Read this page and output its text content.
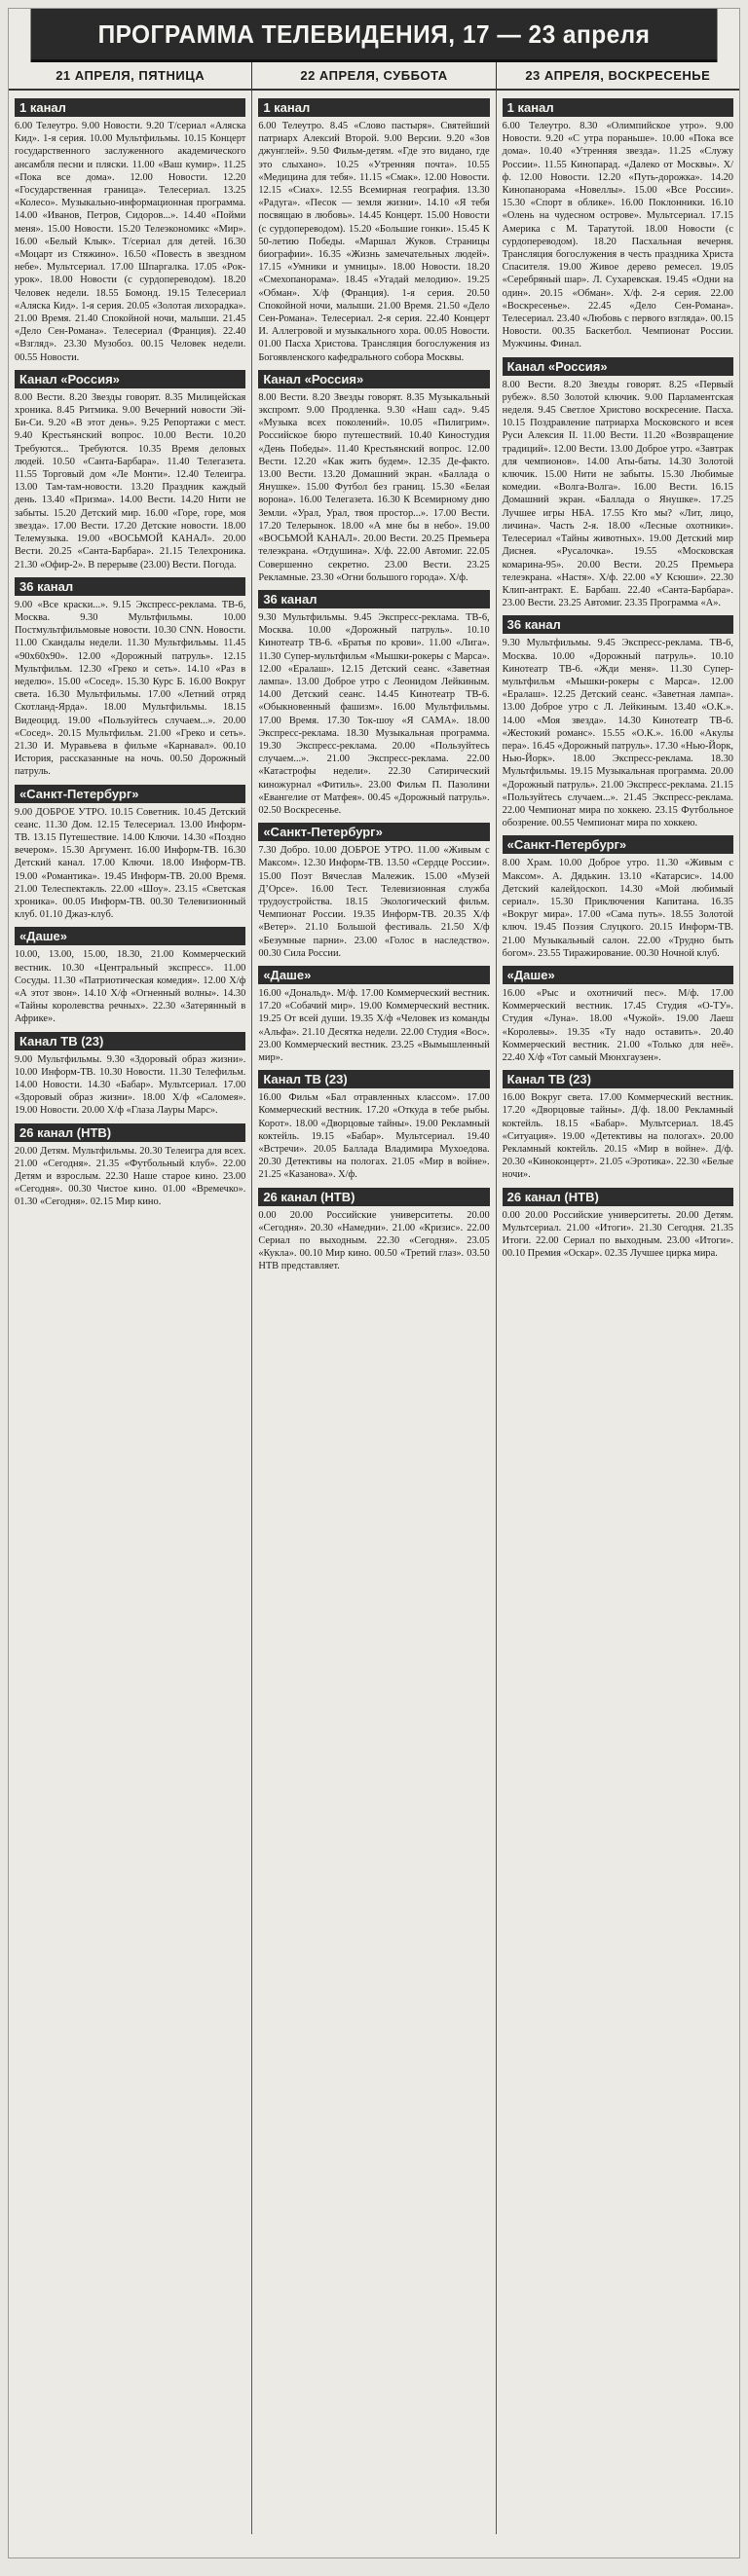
ПРОГРАММА ТЕЛЕВИДЕНИЯ, 17 — 23 апреля
21 АПРЕЛЯ, ПЯТНИЦА	22 АПРЕЛЯ, СУББОТА	23 АПРЕЛЯ, ВОСКРЕСЕНЬЕ
1 канал
6.00 Телеутро. 9.00 Новости. 9.20 Т/сериал «Аляска Кид». 1-я серия. 10.00 Мультфильмы. 10.15 Концерт государственного заслуженного академического ансамбля песни и пляски. 11.00 «Ваш кумир». 11.25 «Пока все дома». 12.00 Новости. 12.20 «Государственная граница». Телесериал. 13.25 «Колесо». Музыкально-информационная программа. 14.00 «Иванов, Петров, Сидоров...». 14.40 «Пойми меня». 15.00 Новости. 15.20 Телеэкономикс «Мир». 16.00 «Белый Клык». Т/сериал для детей. 16.30 «Моцарт из Стяжино». 16.50 «Повесть в звездном небе». Мультсериал. 17.00 Шпаргалка. 17.05 «Рок-урок». 18.00 Новости (с сурдопереводом). 18.20 Человек недели. 18.55 Бомонд. 19.15 Телесериал «Аляска Кид». 1-я серия. 20.05 «Золотая лихорадка». 21.00 Время. 21.40 Спокойной ночи, малыши. 21.45 «Дело Сен-Романа». Телесериал (Франция). 22.40 «Взгляд». 23.30 Музобоз. 00.15 Человек недели. 00.55 Новости.
Канал «Россия»
8.00 Вести. 8.20 Звезды говорят. 8.35 Милицейская хроника. 8.45 Ритмика. 9.00 Вечерний новости Эй-Би-Си. 9.20 «В этот день». 9.25 Репортажи с мест. 9.40 Крестьянский вопрос. 10.00 Вести. 10.20 Требуются... Требуются. 10.35 Время деловых людей. 10.50 «Санта-Барбара». 11.40 Телегазета. 11.55 Торговый дом «Ле Монти». 12.40 Телеигра. 13.00 Там-там-новости. 13.20 Праздник каждый день. 13.40 «Призма». 14.00 Вести. 14.20 Нити не забыты. 15.20 Детский мир. 16.00 «Горе, горе, моя звезда». 17.00 Вести. 17.20 Детские новости. 18.00 Телемузыка. 19.00 «ВОСЬМОЙ КАНАЛ». 20.00 Вести. 20.25 «Санта-Барбара». 21.15 Телехроника. 21.30 «Офир-2». В перерыве (23.00) Вести. Погода.
36 канал
9.00 «Все краски...». 9.15 Экспресс-реклама. ТВ-6, Москва. 9.30 Мультфильмы. 10.00 Постмультфильмовые новости. 10.30 CNN. Новости. 11.00 Скандалы недели. 11.30 Мультфильмы. 11.45 «90х60х90». 12.00 «Дорожный патруль». 12.15 Мультфильм. 12.30 «Греко и сеть». 14.10 «Раз в неделю». 15.00 «Сосед». 15.30 Курс Б. 16.00 Вокруг света. 16.30 Мультфильмы. 17.00 «Летний отряд Скотланд-Ярда». 18.00 Мультфильмы. 18.15 Видеоцид. 19.00 «Пользуйтесь случаем...». 20.00 «Сосед». 20.15 Мультфильм. 21.00 «Греко и сеть». 21.30 И. Муравьева в фильме «Карнавал». 00.10 История, рассказанные на ночь. 00.50 Дорожный патруль.
«Санкт-Петербург»
9.00 ДОБРОЕ УТРО. 10.15 Советник. 10.45 Детский сеанс. 11.30 Дом. 12.15 Телесериал. 13.00 Информ-ТВ. 13.15 Путешествие. 14.00 Ключи. 14.30 «Поздно вечером». 15.30 Аргумент. 16.00 Информ-ТВ. 16.30 Детский канал. 17.00 Ключи. 18.00 Информ-ТВ. 19.00 «Романтика». 19.45 Информ-ТВ. 20.00 Время. 21.00 Телеспектакль. 22.00 «Шоу». 23.15 «Светская хроника». 00.05 Информ-ТВ. 00.30 Телевизионный клуб. 01.10 Джаз-клуб.
«Даше»
10.00, 13.00, 15.00, 18.30, 21.00 Коммерческий вестник. 10.30 «Центральный экспресс». 11.00 Сосуды. 11.30 «Патриотическая комедия». 12.00 Х/ф «А этот звон». 14.10 Х/ф «Огненный волны». 14.30 «Тайны королевства речных». 22.30 «Затерянный в Африке».
Канал ТВ (23)
9.00 Мультфильмы. 9.30 «Здоровый образ жизни». 10.00 Информ-ТВ. 10.30 Новости. 11.30 Телефильм. 14.00 Новости. 14.30 «Бабар». Мультсериал. 17.00 «Здоровый образ жизни». 18.00 Х/ф «Саломея». 19.00 Новости. 20.00 Х/ф «Глаза Лауры Марс».
26 канал (НТВ)
20.00 Детям. Мультфильмы. 20.30 Телеигра для всех. 21.00 «Сегодня». 21.35 «Футбольный клуб». 22.00 Детям и взрослым. 22.30 Наше старое кино. 23.00 «Сегодня». 00.30 Чистое кино. 01.00 «Времечко». 01.30 «Сегодня». 02.15 Мир кино.
1 канал
6.00 Телеутро. 8.45 «Слово пастыря». Святейший патриарх Алексий Второй. 9.00 Версии. 9.20 «Зов джунглей». 9.50 Фильм-детям. «Где это видано, где это слыхано». 10.25 «Утренняя почта». 10.55 «Медицина для тебя». 11.15 «Смак». 12.00 Новости. 12.15 «Сиах». 12.55 Всемирная география. 13.30 «Радуга». «Песок — земля жизни». 14.10 «Я тебя посвящаю в любовь». 14.45 Концерт. 15.00 Новости (с сурдопереводом). 15.20 «Большие гонки». 15.45 К 50-летию Победы. «Маршал Жуков. Страницы биографии». 16.35 «Жизнь замечательных людей». 17.15 «Умники и умницы». 18.00 Новости. 18.20 «Смехопанорама». 18.45 «Угадай мелодию». 19.25 «Обман». Х/ф (Франция). 1-я серия. 20.50 Спокойной ночи, малыши. 21.00 Время. 21.50 «Дело Сен-Романа». Телесериал. 2-я серия. 22.40 Концерт И. Аллегровой и музыкального хора. 00.05 Новости. 01.00 Пасха Христова. Трансляция богослужения из Богоявленского кафедрального собора Москвы.
Канал «Россия»
8.00 Вести. 8.20 Звезды говорят. 8.35 Музыкальный экспромт. 9.00 Продленка. 9.30 «Наш сад». 9.45 «Музыка всех поколений». 10.05 «Пилигрим». Российское бюро путешествий. 10.40 Киностудия «День Победы». 11.40 Крестьянский вопрос. 12.00 Вести. 12.20 «Как жить будем». 12.35 Де-факто. 13.00 Вести. 13.20 Домашний экран. «Баллада о Янушке». 15.00 Футбол без границ. 15.30 «Белая ворона». 16.00 Телегазета. 16.30 К Всемирному дню Земли. «Урал, Урал, твоя простор...». 17.00 Вести. 17.20 Телерынок. 18.00 «А мне бы в небо». 19.00 «ВОСЬМОЙ КАНАЛ». 20.00 Вести. 20.25 Премьера телеэкрана. «Отдушина». Х/ф. 22.00 Автомиг. 22.05 Совершенно секретно. 23.00 Вести. 23.25 Рекламные. 23.30 «Огни большого города». Х/ф.
36 канал
9.30 Мультфильмы. 9.45 Экспресс-реклама. ТВ-6, Москва. 10.00 «Дорожный патруль». 10.10 Кинотеатр ТВ-6. «Братья по крови». 11.00 «Лига». 11.30 Супер-мультфильм «Мышки-рокеры с Марса». 12.00 «Ералаш». 12.15 Детский сеанс. «Заветная лампа». 13.00 Доброе утро с Леонидом Лейкиным. 14.00 Детский сеанс. 14.45 Кинотеатр ТВ-6. «Обыкновенный фашизм». 16.00 Мультфильмы. 17.00 Время. 17.30 Ток-шоу «Я САМА». 18.00 Экспресс-реклама. 18.30 Музыкальная программа. 19.30 Экспресс-реклама. 20.00 «Пользуйтесь случаем...». 21.00 Экспресс-реклама. 22.00 «Катастрофы недели». 22.30 Сатирический киножурнал «Фитиль». 23.00 Фильм П. Пазолини «Евангелие от Матфея». 00.45 «Дорожный патруль». 02.50 Воскресенье.
«Санкт-Петербург»
7.30 Добро. 10.00 ДОБРОЕ УТРО. 11.00 «Живым с Максом». 12.30 Информ-ТВ. 13.50 «Сердце России». 15.00 Поэт Вячеслав Малежик. 15.00 «Музей Д’Орсе». 16.00 Тест. Телевизионная служба трудоустройства. 18.15 Экологический фильм. Чемпионат России. 19.35 Информ-ТВ. 20.35 Х/ф «Ветер». 21.10 Большой фестиваль. 21.50 Х/ф «Безумные парни». 23.00 «Голос в наследство». 00.30 Сила России.
«Даше»
16.00 «Дональд». М/ф. 17.00 Коммерческий вестник. 17.20 «Собачий мир». 19.00 Коммерческий вестник. 19.25 От всей души. 19.35 Х/ф «Человек из команды «Альфа». 21.10 Десятка недели. 22.00 Студия «Вос». 23.00 Коммерческий вестник. 23.25 «Вымышленный мир».
Канал ТВ (23)
16.00 Фильм «Бал отравленных классом». 17.00 Коммерческий вестник. 17.20 «Откуда в тебе рыбы. Корот». 18.00 «Дворцовые тайны». 19.00 Рекламный коктейль. 19.15 «Бабар». Мультсериал. 19.40 «Встречи». 20.05 Баллада Владимира Мухоедова. 20.30 Детективы на пологах. 21.05 «Мир в войне». 21.25 «Казанова». Х/ф.
26 канал (НТВ)
0.00 20.00 Российские университеты. 20.00 «Сегодня». 20.30 «Намедни». 21.00 «Кризис». 22.00 Сериал по выходным. 22.30 «Сегодня». 23.05 «Кукла». 00.10 Мир кино. 00.50 «Третий глаз». 03.50 НТВ представляет.
1 канал
6.00 Телеутро. 8.30 «Олимпийское утро». 9.00 Новости. 9.20 «С утра пораньше». 10.00 «Пока все дома». 10.40 «Утренняя звезда». 11.25 «Служу России». 11.55 Кинопарад. «Далеко от Москвы». Х/ф. 12.00 Новости. 12.20 «Путь-дорожка». 14.20 Кинопанорама «Новеллы». 15.00 «Все России». 15.30 «Спорт в облике». 16.00 Поклонники. 16.10 «Олень на чудесном острове». Мультсериал. 17.15 Америка с М. Таратутой. 18.00 Новости (с сурдопереводом). 18.20 Пасхальная вечерня. Трансляция богослужения в честь праздника Христа Спасителя. 19.00 Живое дерево ремесел. 19.05 «Серебряный шар». Л. Сухаревская. 19.45 «Одни на один». 20.15 «Обман». Х/ф. 2-я серия. 22.00 «Воскресенье». 22.45 «Дело Сен-Романа». Телесериал. 23.40 «Любовь с первого взгляда». 00.15 Новости. 00.35 Баскетбол. Чемпионат России. Мужчины. Финал.
Канал «Россия»
8.00 Вести. 8.20 Звезды говорят. 8.25 «Первый рубеж». 8.50 Золотой ключик. 9.00 Парламентская неделя. 9.45 Светлое Христово воскресение. Пасха. 10.15 Поздравление патриарха Московского и всея Руси Алексия II. 11.00 Вести. 11.20 «Возвращение традиций». 12.00 Вести. 13.00 Доброе утро. «Завтрак для чемпионов». 14.00 Аты-баты. 14.30 Золотой ключик. 15.00 Нити не забыты. 15.30 Любимые комедии. «Волга-Волга». 16.00 Вести. 16.15 Домашний экран. «Баллада о Янушке». 17.25 Лучшее игры НБА. 17.55 Кто мы? «Лит, лицо, личина». Часть 2-я. 18.00 «Лесные охотники». Телесериал «Тайны животных». 19.00 Детский мир Диснея. «Русалочка». 19.55 «Московская комарина-95». 20.00 Вести. 20.25 Премьера телеэкрана. «Настя». Х/ф. 22.00 «У Ксюши». 22.30 Клип-антракт. Е. Барбаш. 22.40 «Санта-Барбара». 23.00 Вести. 23.25 Автомиг. 23.35 Программа «А».
36 канал
9.30 Мультфильмы. 9.45 Экспресс-реклама. ТВ-6, Москва. 10.00 «Дорожный патруль». 10.10 Кинотеатр ТВ-6. «Жди меня». 11.30 Супер-мультфильм «Мышки-рокеры с Марса». 12.00 «Ералаш». 12.25 Детский сеанс. «Заветная лампа». 13.00 Доброе утро с Л. Лейкиным. 13.40 «О.К.». 14.00 «Моя звезда». 14.30 Кинотеатр ТВ-6. «Жестокий романс». 15.55 «О.К.». 16.00 «Акулы пера». 16.45 «Дорожный патруль». 17.30 «Нью-Йорк, Нью-Йорк». 18.00 Экспресс-реклама. 18.30 Мультфильмы. 19.15 Музыкальная программа. 20.00 «Дорожный патруль». 21.00 Экспресс-реклама. 21.15 «Пользуйтесь случаем...». 21.45 Экспресс-реклама. 22.00 Чемпионат мира по хоккею. 23.15 Футбольное обозрение. 00.55 Чемпионат мира по хоккею.
«Санкт-Петербург»
8.00 Храм. 10.00 Доброе утро. 11.30 «Живым с Максом». А. Дядькин. 13.10 «Катарсис». 14.00 Детский калейдоскоп. 14.30 «Мой любимый сериал». 15.30 Приключения Капитана. 16.35 «Вокруг мира». 17.00 «Сама путь». 18.55 Золотой ключ. 19.45 Поэзия Слуцкого. 20.15 Информ-ТВ. 21.00 Музыкальный салон. 22.00 «Трудно быть богом». 23.55 Тиражирование. 00.30 Ночной клуб.
«Даше»
16.00 «Рыс и охотничий пес». М/ф. 17.00 Коммерческий вестник. 17.45 Студия «О-ТУ». Студия «Луна». 18.00 «Чужой». 19.00 Лаеш «Королевы». 19.35 «Ту надо оставить». 20.40 Коммерческий вестник. 21.00 «Только для неё». 22.40 Х/ф «Тот самый Мюнхгаузен».
Канал ТВ (23)
16.00 Вокруг света. 17.00 Коммерческий вестник. 17.20 «Дворцовые тайны». Д/ф. 18.00 Рекламный коктейль. 18.15 «Бабар». Мультсериал. 18.45 «Ситуация». 19.00 «Детективы на пологах». 20.00 Рекламный коктейль. 20.15 «Мир в войне». Д/ф. 20.30 «Киноконцерт». 21.05 «Эротика». 22.30 «Белые ночи».
26 канал (НТВ)
0.00 20.00 Российские университеты. 20.00 Детям. Мультсериал. 21.00 «Итоги». 21.30 Сегодня. 21.35 Итоги. 22.00 Сериал по выходным. 23.00 «Итоги». 00.10 Премия «Оскар». 02.35 Лучшее цирка мира.
